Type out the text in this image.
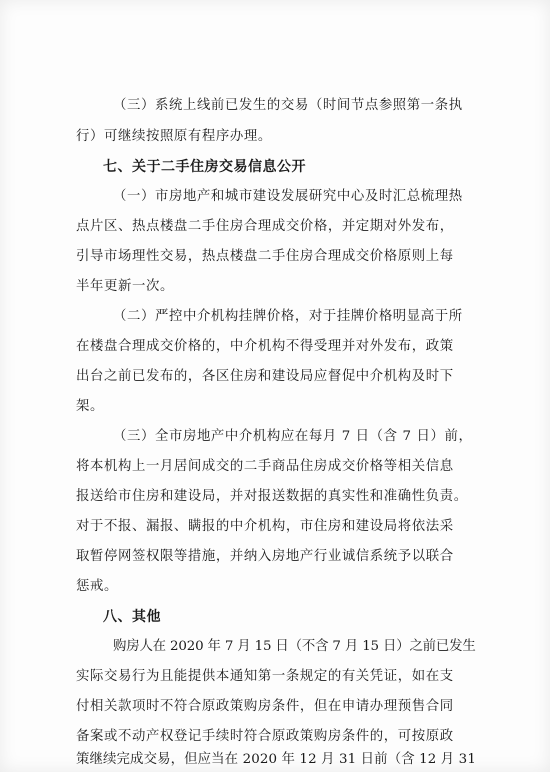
（三）系统上线前已发生的交易（时间节点参照第一条执
行）可继续按照原有程序办理。
七、关于二手住房交易信息公开
（一）市房地产和城市建设发展研究中心及时汇总梳理热
点片区、热点楼盘二手住房合理成交价格，并定期对外发布，
引导市场理性交易，热点楼盘二手住房合理成交价格原则上每
半年更新一次。
（二）严控中介机构挂牌价格，对于挂牌价格明显高于所
在楼盘合理成交价格的，中介机构不得受理并对外发布，政策
出台之前已发布的，各区住房和建设局应督促中介机构及时下
架。
（三）全市房地产中介机构应在每月 7 日（含 7 日）前，
将本机构上一月居间成交的二手商品住房成交价格等相关信息
报送给市住房和建设局，并对报送数据的真实性和准确性负责。
对于不报、漏报、瞒报的中介机构，市住房和建设局将依法采
取暂停网签权限等措施，并纳入房地产行业诚信系统予以联合
惩戒。
八、其他
购房人在 2020 年 7 月 15 日（不含 7 月 15 日）之前已发生
实际交易行为且能提供本通知第一条规定的有关凭证，如在支
付相关款项时不符合原政策购房条件，但在申请办理预售合同
备案或不动产权登记手续时符合原政策购房条件的，可按原政
策继续完成交易，但应当在 2020 年 12 月 31 日前（含 12 月 31
